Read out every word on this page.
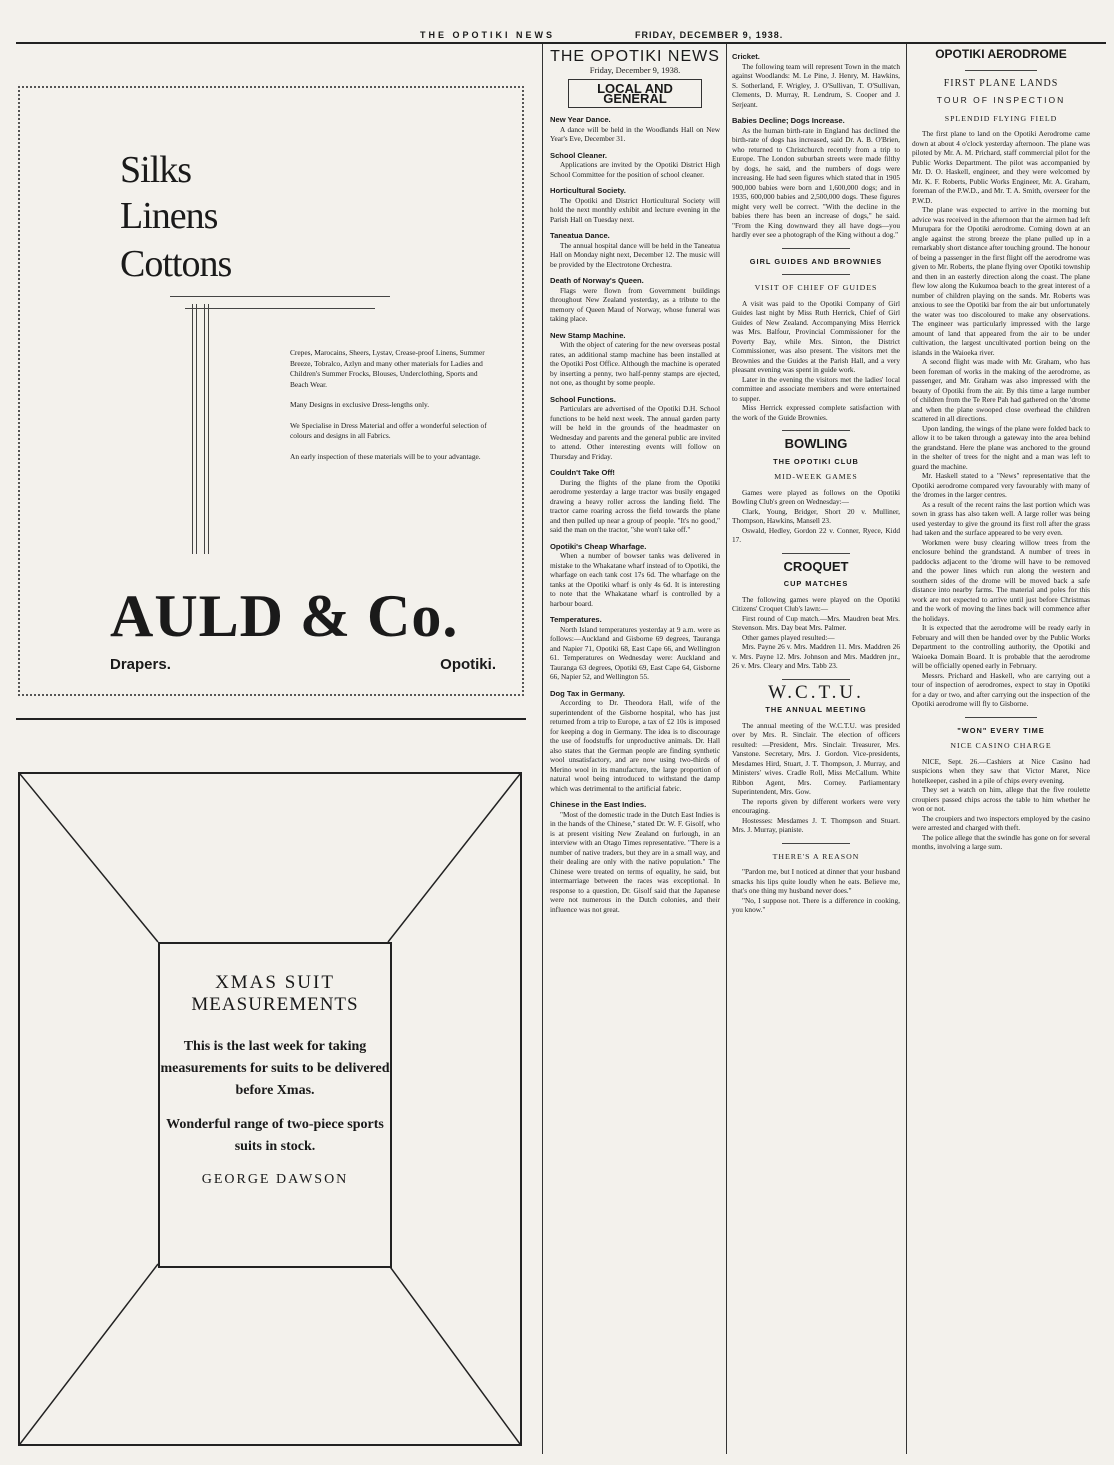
THE OPOTIKI NEWS	FRIDAY, DECEMBER 9, 1938.
Silks
Linens
Cottons

Crepes, Marocains, Sheers, Lystav, Crease-proof Linens, Summer Breeze, Tobralco, Azlyn and many other materials for Ladies and Children's Summer Frocks, Blouses, Underclothing, Sports and Beach Wear.

Many Designs in exclusive Dress-lengths only.

We Specialise in Dress Material and offer a wonderful selection of colours and designs in all Fabrics.

An early inspection of these materials will be to your advantage.

AULD & Co.
Drapers.	Opotiki.
XMAS SUIT
MEASUREMENTS
This is the last week for taking measurements for suits to be delivered before Xmas.
Wonderful range of two-piece sports suits in stock.
GEORGE DAWSON
THE OPOTIKI NEWS
Friday, December 9, 1938.
LOCAL AND GENERAL
New Year Dance.

A dance will be held in the Woodlands Hall on New Year's Eve, December 31.

School Cleaner.

Applications are invited by the Opotiki District High School Committee for the position of school cleaner.

Horticultural Society.

The Opotiki and District Horticultural Society will hold the next monthly exhibit and lecture evening in the Parish Hall on Tuesday next.

Taneatua Dance.

The annual hospital dance will be held in the Taneatua Hall on Monday night next, December 12. The music will be provided by the Electrotone Orchestra.

Death of Norway's Queen.

Flags were flown from Government buildings throughout New Zealand yesterday, as a tribute to the memory of Queen Maud of Norway, whose funeral was taking place.

New Stamp Machine.

With the object of catering for the new overseas postal rates, an additional stamp machine has been installed at the Opotiki Post Office. Although the machine is operated by inserting a penny, two half-penny stamps are ejected, not one, as thought by some people.

School Functions.

Particulars are advertised of the Opotiki D.H. School functions to be held next week. The annual garden party will be held in the grounds of the headmaster on Wednesday and parents and the general public are invited to attend. Other interesting events will follow on Thursday and Friday.

Couldn't Take Off!

During the flights of the plane from the Opotiki aerodrome yesterday a large tractor was busily engaged drawing a heavy roller across the landing field. The tractor came roaring across the field towards the plane and then pulled up near a group of people. "It's no good," said the man on the tractor, "she won't take off."

Opotiki's Cheap Wharfage.

When a number of bowser tanks was delivered in mistake to the Whakatane wharf instead of to Opotiki, the wharfage on each tank cost 17s 6d. The wharfage on the tanks at the Opotiki wharf is only 4s 6d. It is interesting to note that the Whakatane wharf is controlled by a harbour board.

Temperatures.

North Island temperatures yesterday at 9 a.m. were as follows:—Auckland and Gisborne 69 degrees, Tauranga and Napier 71, Opotiki 68, East Cape 66, and Wellington 61. Temperatures on Wednesday were: Auckland and Tauranga 63 degrees, Opotiki 69, East Cape 64, Gisborne 66, Napier 52, and Wellington 55.

Dog Tax in Germany.

According to Dr. Theodora Hall, wife of the superintendent of the Gisborne hospital, who has just returned from a trip to Europe, a tax of £2 10s is imposed for keeping a dog in Germany. The idea is to discourage the use of foodstuffs for unproductive animals. Dr. Hall also states that the German people are finding synthetic wool unsatisfactory, and are now using two-thirds of Merino wool in its manufacture, the large proportion of natural wool being introduced to withstand the damp which was detrimental to the artificial fabric.

Chinese in the East Indies.

"Most of the domestic trade in the Dutch East Indies is in the hands of the Chinese," stated Dr. W. F. Gisolf, who is at present visiting New Zealand on furlough, in an interview with an Otago Times representative. "There is a number of native traders, but they are in a small way, and their dealing are only with the native population." The Chinese were treated on terms of equality, he said, but intermarriage between the races was exceptional. In response to a question, Dr. Gisolf said that the Japanese were not numerous in the Dutch colonies, and their influence was not great.

Cricket.

The following team will represent Town in the match against Woodlands: M. Le Pine, J. Henry, M. Hawkins, S. Sotherland, F. Wrigley, J. O'Sullivan, T. O'Sullivan, Clements, D. Murray, R. Lendrum, S. Cooper and J. Serjeant.

Babies Decline; Dogs Increase.

As the human birth-rate in England has declined the birth-rate of dogs has increased, said Dr. A. B. O'Brien, who returned to Christchurch recently from a trip to Europe. The London suburban streets were made filthy by dogs, he said, and the numbers of dogs were increasing. He had seen figures which stated that in 1905 900,000 babies were born and 1,600,000 dogs; and in 1935, 600,000 babies and 2,500,000 dogs. These figures might very well be correct. "With the decline in the babies there has been an increase of dogs," he said. "From the King downward they all have dogs—you hardly ever see a photograph of the King without a dog."

GIRL GUIDES AND BROWNIES
VISIT OF CHIEF OF GUIDES

A visit was paid to the Opotiki Company of Girl Guides last night by Miss Ruth Herrick, Chief of Girl Guides of New Zealand. Accompanying Miss Herrick was Mrs. Balfour, Provincial Commissioner for the Poverty Bay, while Mrs. Sinton, the District Commissioner, was also present. The visitors met the Brownies and the Guides at the Parish Hall, and a very pleasant evening was spent in guide work.

Later in the evening the visitors met the ladies' local committee and associate members and were entertained to supper.

Miss Herrick expressed complete satisfaction with the work of the Guide Brownies.

BOWLING
THE OPOTIKI CLUB
MID-WEEK GAMES

Games were played as follows on the Opotiki Bowling Club's green on Wednesday:—

Clark, Young, Bridger, Short 20 v. Mulliner, Thompson, Hawkins, Mansell 23.

Oswald, Hedley, Gordon 22 v. Conner, Ryece, Kidd 17.

CROQUET
CUP MATCHES

The following games were played on the Opotiki Citizens' Croquet Club's lawn:—

First round of Cup match.—Mrs. Maudren beat Mrs. Stevenson. Mrs. Day beat Mrs. Palmer.

Other games played resulted:—

Mrs. Payne 26 v. Mrs. Maddren 11. Mrs. Maddren 26 v. Mrs. Payne 12. Mrs. Johnson and Mrs. Maddren jnr., 26 v. Mrs. Cleary and Mrs. Tabb 23.

W.C.T.U.
THE ANNUAL MEETING

The annual meeting of the W.C.T.U. was presided over by Mrs. R. Sinclair. The election of officers resulted: —President, Mrs. Sinclair. Treasurer, Mrs. Vanstone. Secretary, Mrs. J. Gordon. Vice-presidents, Mesdames Hird, Stuart, J. T. Thompson, J. Murray, and Ministers' wives. Cradle Roll, Miss McCallum. White Ribbon Agent, Mrs. Corney. Parliamentary Superintendent, Mrs. Gow.

The reports given by different workers were very encouraging.

Hostesses: Mesdames J. T. Thompson and Stuart. Mrs. J. Murray, pianiste.

THERE'S A REASON

"Pardon me, but I noticed at dinner that your husband smacks his lips quite loudly when he eats. Believe me, that's one thing my husband never does."

"No, I suppose not. There is a difference in cooking, you know."

OPOTIKI AERODROME
FIRST PLANE LANDS
TOUR OF INSPECTION
SPLENDID FLYING FIELD

The first plane to land on the Opotiki Aerodrome came down at about 4 o'clock yesterday afternoon. The plane was piloted by Mr. A. M. Prichard, staff commercial pilot for the Public Works Department. The pilot was accompanied by Mr. D. O. Haskell, engineer, and they were welcomed by Mr. K. F. Roberts, Public Works Engineer, Mr. A. Graham, foreman of the P.W.D., and Mr. T. A. Smith, overseer for the P.W.D.

The plane was expected to arrive in the morning but advice was received in the afternoon that the airmen had left Murupara for the Opotiki aerodrome. Coming down at an angle against the strong breeze the plane pulled up in a remarkably short distance after touching ground. The honour of being a passenger in the first flight off the aerodrome was given to Mr. Roberts, the plane flying over Opotiki township and then in an easterly direction along the coast. The plane flew low along the Kukumoa beach to the great interest of a number of children playing on the sands. Mr. Roberts was anxious to see the Opotiki bar from the air but unfortunately the water was too discoloured to make any observations. The engineer was particularly impressed with the large amount of land that appeared from the air to be under cultivation, the largest uncultivated portion being on the islands in the Waioeka river.

A second flight was made with Mr. Graham, who has been foreman of works in the making of the aerodrome, as passenger, and Mr. Graham was also impressed with the beauty of Opotiki from the air. By this time a large number of children from the Te Rere Pah had gathered on the 'drome and when the plane swooped close overhead the children scattered in all directions.

Upon landing, the wings of the plane were folded back to allow it to be taken through a gateway into the area behind the grandstand. Here the plane was anchored to the ground in the shelter of trees for the night and a man was left to guard the machine.

Mr. Haskell stated to a "News" representative that the Opotiki aerodrome compared very favourably with many of the 'dromes in the larger centres.

As a result of the recent rains the last portion which was sown in grass has also taken well. A large roller was being used yesterday to give the ground its first roll after the grass had taken and the surface appeared to be very even.

Workmen were busy clearing willow trees from the enclosure behind the grandstand. A number of trees in paddocks adjacent to the 'drome will have to be removed and the power lines which run along the western and southern sides of the drome will be moved back a safe distance into nearby farms. The material and poles for this work are not expected to arrive until just before Christmas and the work of moving the lines back will commence after the holidays.

It is expected that the aerodrome will be ready early in February and will then be handed over by the Public Works Department to the controlling authority, the Opotiki and Waioeka Domain Board. It is probable that the aerodrome will be officially opened early in February.

Messrs. Prichard and Haskell, who are carrying out a tour of inspection of aerodromes, expect to stay in Opotiki for a day or two, and after carrying out the inspection of the Opotiki aerodrome will fly to Gisborne.

"WON" EVERY TIME
NICE CASINO CHARGE

NICE, Sept. 26.—Cashiers at Nice Casino had suspicions when they saw that Victor Maret, Nice hotelkeeper, cashed in a pile of chips every evening.

They set a watch on him, allege that the five roulette croupiers passed chips across the table to him whether he won or not.

The croupiers and two inspectors employed by the casino were arrested and charged with theft.

The police allege that the swindle has gone on for several months, involving a large sum.
